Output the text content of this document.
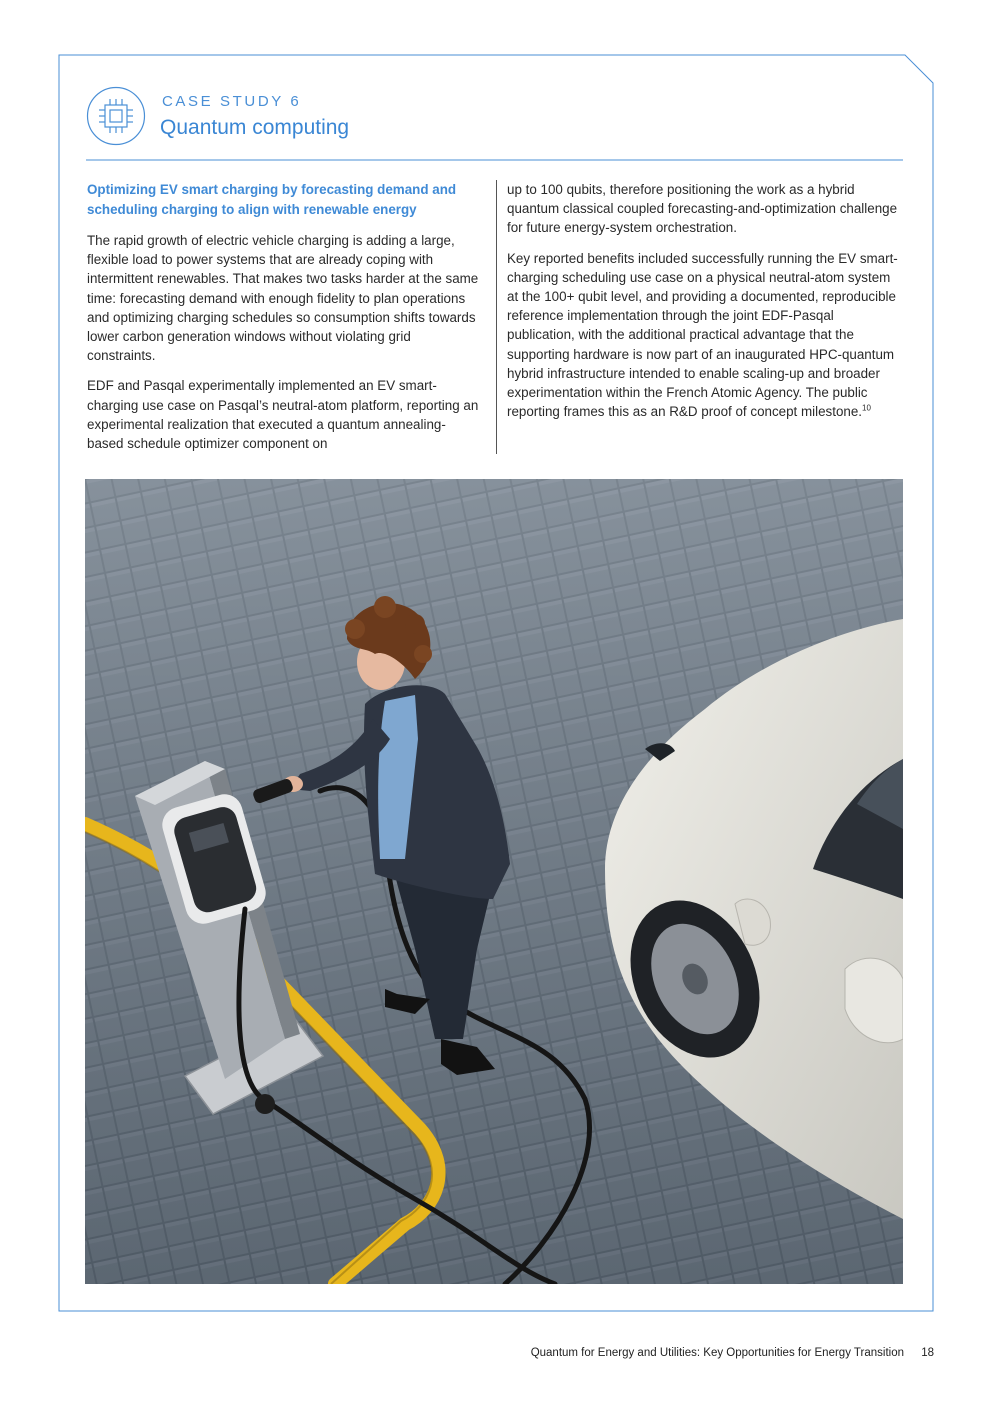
CASE STUDY 6
Quantum computing
Optimizing EV smart charging by forecasting demand and scheduling charging to align with renewable energy

The rapid growth of electric vehicle charging is adding a large, flexible load to power systems that are already coping with intermittent renewables. That makes two tasks harder at the same time: forecasting demand with enough fidelity to plan operations and optimizing charging schedules so consumption shifts towards lower carbon generation windows without violating grid constraints.

EDF and Pasqal experimentally implemented an EV smart-charging use case on Pasqal’s neutral-atom platform, reporting an experimental realization that executed a quantum annealing-based schedule optimizer component on

up to 100 qubits, therefore positioning the work as a hybrid quantum classical coupled forecasting-and-optimization challenge for future energy-system orchestration.

Key reported benefits included successfully running the EV smart-charging scheduling use case on a physical neutral-atom system at the 100+ qubit level, and providing a documented, reproducible reference implementation through the joint EDF-Pasqal publication, with the additional practical advantage that the supporting hardware is now part of an inaugurated HPC-quantum hybrid infrastructure intended to enable scaling-up and broader experimentation within the French Atomic Agency. The public reporting frames this as an R&D proof of concept milestone.$^{10}$

Quantum for Energy and Utilities: Key Opportunities for Energy Transition 18
